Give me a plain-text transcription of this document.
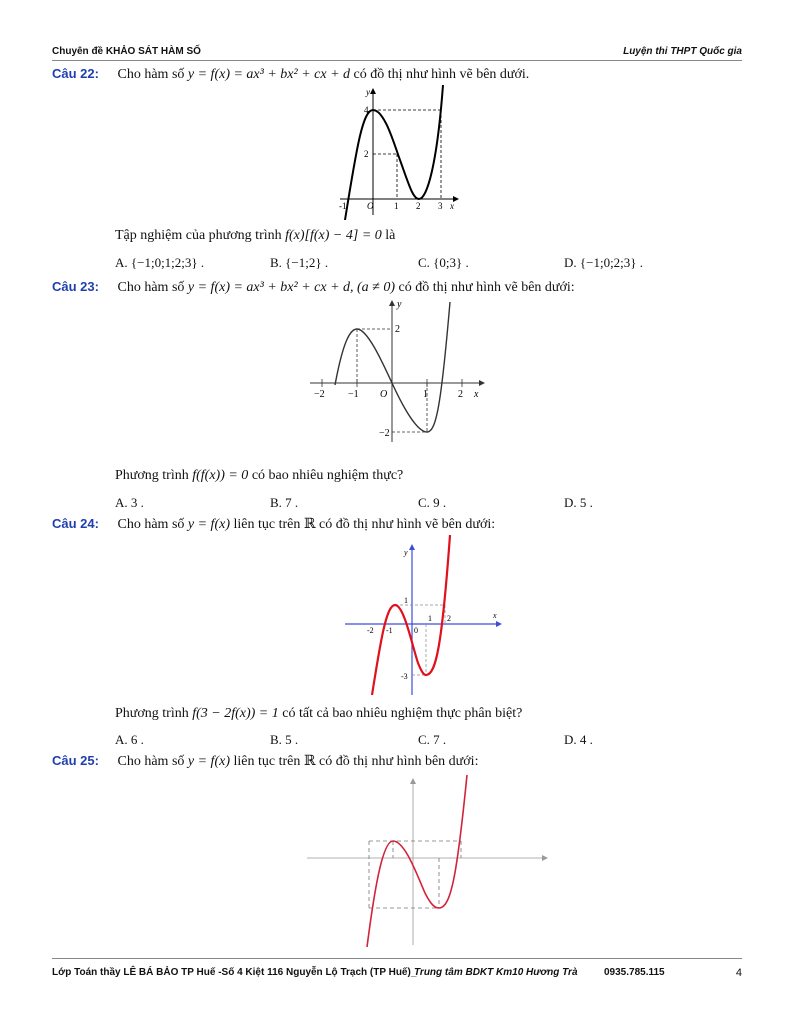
Chuyên đề KHẢO SÁT HÀM SỐ	Luyện thi THPT Quốc gia
Câu 22: Cho hàm số y = f(x) = ax³ + bx² + cx + d có đồ thị như hình vẽ bên dưới.
y
4
2
-1 O 1 2 3 x
Tập nghiệm của phương trình f(x)[f(x) − 4] = 0 là
A. {−1;0;1;2;3} .	B. {−1;2} .	C. {0;3} .	D. {−1;0;2;3} .
Câu 23: Cho hàm số y = f(x) = ax³ + bx² + cx + d, (a ≠ 0) có đồ thị như hình vẽ bên dưới:
y
2
−2
−2 −1 O	1	2 x
Phương trình f(f(x)) = 0 có bao nhiêu nghiệm thực?
A. 3 .	B. 7 .	C. 9 .	D. 5 .
Câu 24: Cho hàm số y = f(x) liên tục trên ℝ có đồ thị như hình vẽ bên dưới:
y
x
1
-2 -1	0
1 2
-3
Phương trình f(3 − 2f(x)) = 1 có tất cả bao nhiêu nghiệm thực phân biệt?
A. 6 .	B. 5 .	C. 7 .	D. 4 .
Câu 25: Cho hàm số y = f(x) liên tục trên ℝ có đồ thị như hình bên dưới:
Lớp Toán thầy LÊ BÁ BẢO TP Huế -Số 4 Kiệt 116 Nguyễn Lộ Trạch (TP Huế)_
Trung tâm BDKT Km10 Hương Trà	0935.785.115	4
